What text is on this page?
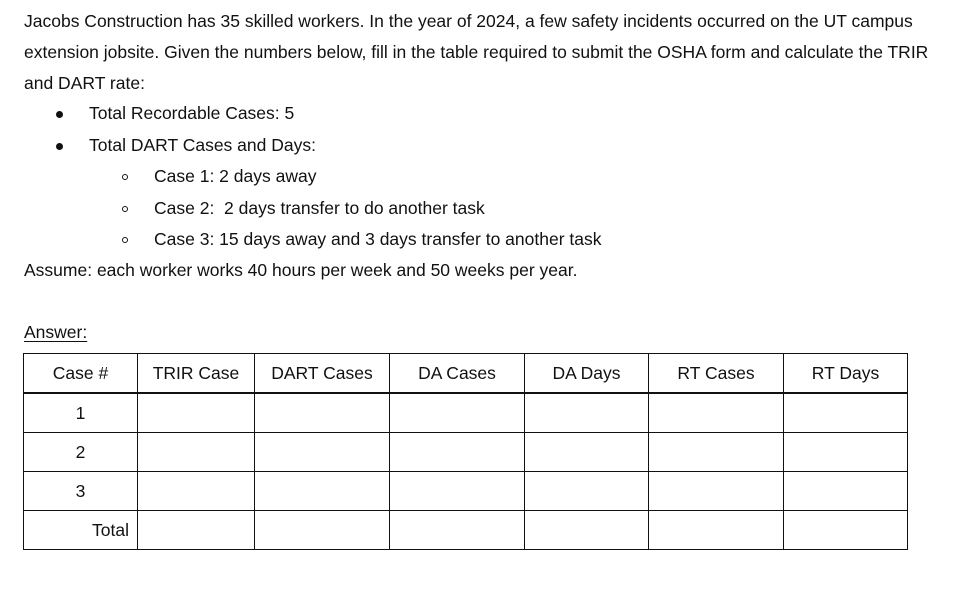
Jacobs Construction has 35 skilled workers. In the year of 2024, a few safety incidents occurred on the UT campus extension jobsite. Given the numbers below, fill in the table required to submit the OSHA form and calculate the TRIR and DART rate:

Total Recordable Cases: 5
Total DART Cases and Days:
Case 1: 2 days away
Case 2:  2 days transfer to do another task
Case 3: 15 days away and 3 days transfer to another task
Assume: each worker works 40 hours per week and 50 weeks per year.
Answer:
Case #	TRIR Case	DART Cases	DA Cases	DA Days	RT Cases	RT Days
1						
2						
3						
Total						
